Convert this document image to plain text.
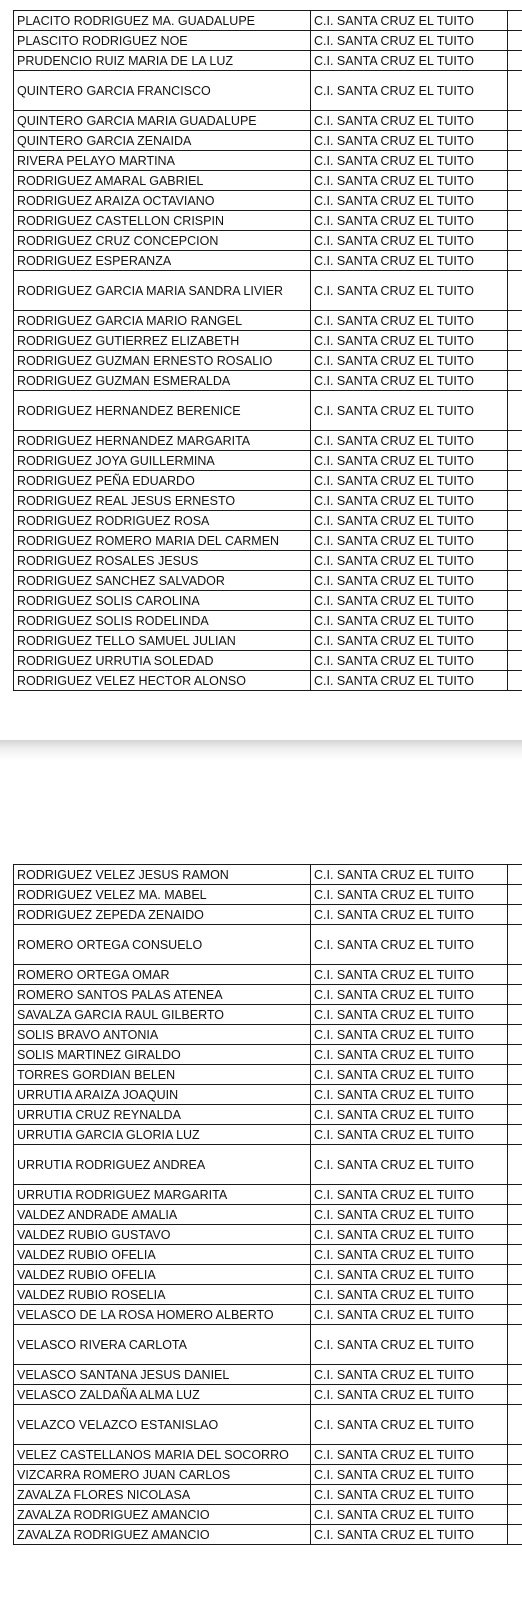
PLACITO RODRIGUEZ MA. GUADALUPE	C.I. SANTA CRUZ EL TUITO	
PLASCITO RODRIGUEZ NOE	C.I. SANTA CRUZ EL TUITO	
PRUDENCIO RUIZ MARIA DE LA LUZ	C.I. SANTA CRUZ EL TUITO	
QUINTERO GARCIA FRANCISCO	C.I. SANTA CRUZ EL TUITO	
QUINTERO GARCIA MARIA GUADALUPE	C.I. SANTA CRUZ EL TUITO	
QUINTERO GARCIA ZENAIDA	C.I. SANTA CRUZ EL TUITO	
RIVERA PELAYO MARTINA	C.I. SANTA CRUZ EL TUITO	
RODRIGUEZ AMARAL GABRIEL	C.I. SANTA CRUZ EL TUITO	
RODRIGUEZ ARAIZA OCTAVIANO	C.I. SANTA CRUZ EL TUITO	
RODRIGUEZ CASTELLON CRISPIN	C.I. SANTA CRUZ EL TUITO	
RODRIGUEZ CRUZ CONCEPCION	C.I. SANTA CRUZ EL TUITO	
RODRIGUEZ ESPERANZA	C.I. SANTA CRUZ EL TUITO	
RODRIGUEZ GARCIA MARIA SANDRA LIVIER	C.I. SANTA CRUZ EL TUITO	
RODRIGUEZ GARCIA MARIO RANGEL	C.I. SANTA CRUZ EL TUITO	
RODRIGUEZ GUTIERREZ ELIZABETH	C.I. SANTA CRUZ EL TUITO	
RODRIGUEZ GUZMAN ERNESTO ROSALIO	C.I. SANTA CRUZ EL TUITO	
RODRIGUEZ GUZMAN ESMERALDA	C.I. SANTA CRUZ EL TUITO	
RODRIGUEZ HERNANDEZ BERENICE	C.I. SANTA CRUZ EL TUITO	
RODRIGUEZ HERNANDEZ MARGARITA	C.I. SANTA CRUZ EL TUITO	
RODRIGUEZ JOYA GUILLERMINA	C.I. SANTA CRUZ EL TUITO	
RODRIGUEZ PEÑA EDUARDO	C.I. SANTA CRUZ EL TUITO	
RODRIGUEZ REAL JESUS ERNESTO	C.I. SANTA CRUZ EL TUITO	
RODRIGUEZ RODRIGUEZ ROSA	C.I. SANTA CRUZ EL TUITO	
RODRIGUEZ ROMERO MARIA DEL CARMEN	C.I. SANTA CRUZ EL TUITO	
RODRIGUEZ ROSALES JESUS	C.I. SANTA CRUZ EL TUITO	
RODRIGUEZ SANCHEZ SALVADOR	C.I. SANTA CRUZ EL TUITO	
RODRIGUEZ SOLIS CAROLINA	C.I. SANTA CRUZ EL TUITO	
RODRIGUEZ SOLIS RODELINDA	C.I. SANTA CRUZ EL TUITO	
RODRIGUEZ TELLO SAMUEL JULIAN	C.I. SANTA CRUZ EL TUITO	
RODRIGUEZ URRUTIA SOLEDAD	C.I. SANTA CRUZ EL TUITO	
RODRIGUEZ VELEZ HECTOR ALONSO	C.I. SANTA CRUZ EL TUITO	
RODRIGUEZ VELEZ JESUS RAMON	C.I. SANTA CRUZ EL TUITO	
RODRIGUEZ VELEZ MA. MABEL	C.I. SANTA CRUZ EL TUITO	
RODRIGUEZ ZEPEDA ZENAIDO	C.I. SANTA CRUZ EL TUITO	
ROMERO ORTEGA CONSUELO	C.I. SANTA CRUZ EL TUITO	
ROMERO ORTEGA OMAR	C.I. SANTA CRUZ EL TUITO	
ROMERO SANTOS PALAS ATENEA	C.I. SANTA CRUZ EL TUITO	
SAVALZA GARCIA RAUL GILBERTO	C.I. SANTA CRUZ EL TUITO	
SOLIS BRAVO ANTONIA	C.I. SANTA CRUZ EL TUITO	
SOLIS MARTINEZ GIRALDO	C.I. SANTA CRUZ EL TUITO	
TORRES GORDIAN BELEN	C.I. SANTA CRUZ EL TUITO	
URRUTIA ARAIZA JOAQUIN	C.I. SANTA CRUZ EL TUITO	
URRUTIA CRUZ REYNALDA	C.I. SANTA CRUZ EL TUITO	
URRUTIA GARCIA GLORIA LUZ	C.I. SANTA CRUZ EL TUITO	
URRUTIA RODRIGUEZ ANDREA	C.I. SANTA CRUZ EL TUITO	
URRUTIA RODRIGUEZ MARGARITA	C.I. SANTA CRUZ EL TUITO	
VALDEZ ANDRADE AMALIA	C.I. SANTA CRUZ EL TUITO	
VALDEZ RUBIO GUSTAVO	C.I. SANTA CRUZ EL TUITO	
VALDEZ RUBIO OFELIA	C.I. SANTA CRUZ EL TUITO	
VALDEZ RUBIO OFELIA	C.I. SANTA CRUZ EL TUITO	
VALDEZ RUBIO ROSELIA	C.I. SANTA CRUZ EL TUITO	
VELASCO DE LA ROSA HOMERO ALBERTO	C.I. SANTA CRUZ EL TUITO	
VELASCO RIVERA CARLOTA	C.I. SANTA CRUZ EL TUITO	
VELASCO SANTANA JESUS DANIEL	C.I. SANTA CRUZ EL TUITO	
VELASCO ZALDAÑA ALMA LUZ	C.I. SANTA CRUZ EL TUITO	
VELAZCO VELAZCO ESTANISLAO	C.I. SANTA CRUZ EL TUITO	
VELEZ CASTELLANOS MARIA DEL SOCORRO	C.I. SANTA CRUZ EL TUITO	
VIZCARRA ROMERO JUAN CARLOS	C.I. SANTA CRUZ EL TUITO	
ZAVALZA FLORES NICOLASA	C.I. SANTA CRUZ EL TUITO	
ZAVALZA RODRIGUEZ AMANCIO	C.I. SANTA CRUZ EL TUITO	
ZAVALZA RODRIGUEZ AMANCIO	C.I. SANTA CRUZ EL TUITO	
